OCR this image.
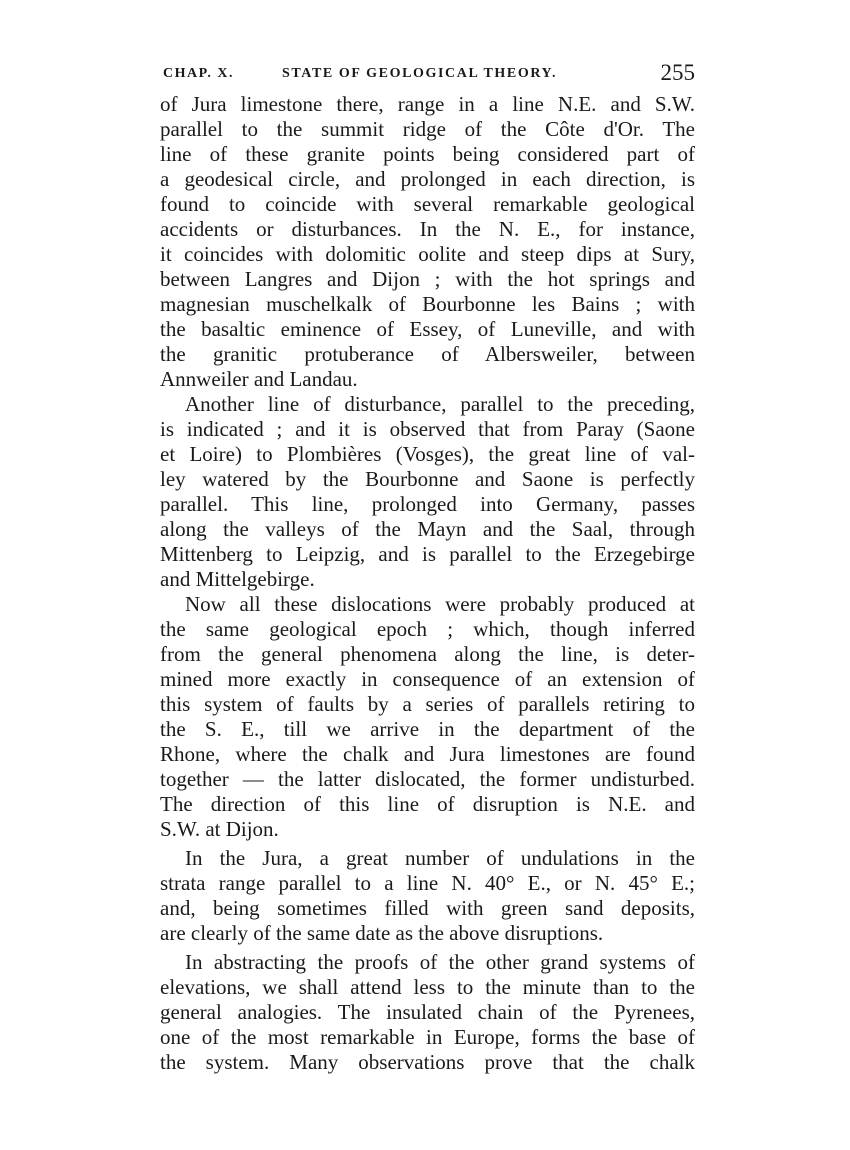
CHAP. X.	STATE OF GEOLOGICAL THEORY.	255
of Jura limestone there, range in a line N.E. and S.W.
parallel to the summit ridge of the Côte d'Or. The
line of these granite points being considered part of
a geodesical circle, and prolonged in each direction, is
found to coincide with several remarkable geological
accidents or disturbances. In the N. E., for instance,
it coincides with dolomitic oolite and steep dips at Sury,
between Langres and Dijon ; with the hot springs and
magnesian muschelkalk of Bourbonne les Bains ; with
the basaltic eminence of Essey, of Luneville, and with
the granitic protuberance of Albersweiler, between
Annweiler and Landau.
Another line of disturbance, parallel to the preceding,
is indicated ; and it is observed that from Paray (Saone
et Loire) to Plombières (Vosges), the great line of val-
ley watered by the Bourbonne and Saone is perfectly
parallel. This line, prolonged into Germany, passes
along the valleys of the Mayn and the Saal, through
Mittenberg to Leipzig, and is parallel to the Erzegebirge
and Mittelgebirge.
Now all these dislocations were probably produced at
the same geological epoch ; which, though inferred
from the general phenomena along the line, is deter-
mined more exactly in consequence of an extension of
this system of faults by a series of parallels retiring to
the S. E., till we arrive in the department of the
Rhone, where the chalk and Jura limestones are found
together — the latter dislocated, the former undisturbed.
The direction of this line of disruption is N.E. and
S.W. at Dijon.
In the Jura, a great number of undulations in the
strata range parallel to a line N. 40° E., or N. 45° E.;
and, being sometimes filled with green sand deposits,
are clearly of the same date as the above disruptions.
In abstracting the proofs of the other grand systems of
elevations, we shall attend less to the minute than to the
general analogies. The insulated chain of the Pyrenees,
one of the most remarkable in Europe, forms the base of
the system. Many observations prove that the chalk
